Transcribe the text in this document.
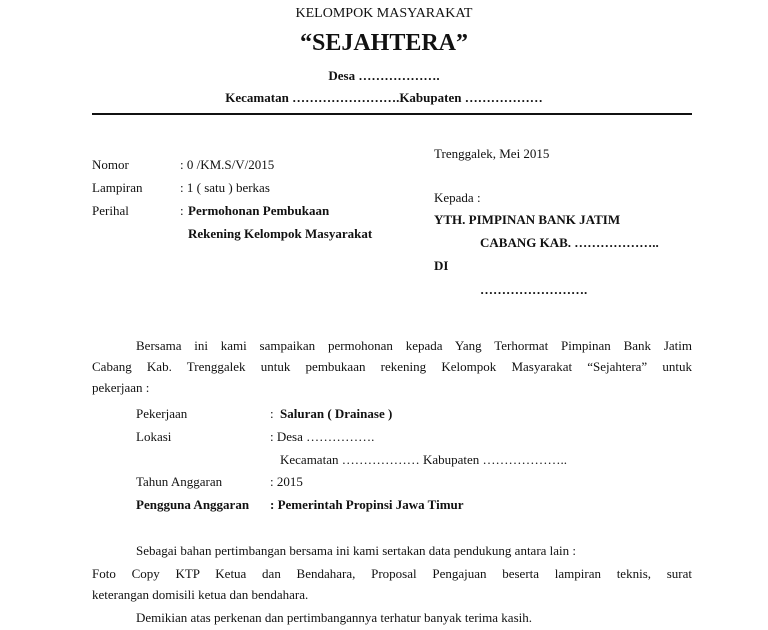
KELOMPOK MASYARAKAT
“SEJAHTERA”
Desa ……………….
Kecamatan …………………….Kabupaten ………………
Nomor	: 0 /KM.S/V/2015
Lampiran	: 1 ( satu ) berkas
Perihal	: Permohonan Pembukaan
Rekening Kelompok Masyarakat
Trenggalek, Mei 2015
Kepada :
YTH. PIMPINAN BANK JATIM
CABANG KAB. ………………..
DI
…………………….
Bersama ini kami sampaikan permohonan kepada Yang Terhormat Pimpinan Bank Jatim
Cabang Kab. Trenggalek untuk pembukaan rekening Kelompok Masyarakat “Sejahtera” untuk
pekerjaan :
Pekerjaan	: Saluran ( Drainase )
Lokasi	: Desa …………….
Kecamatan ……………… Kabupaten ………………..
Tahun Anggaran	: 2015
Pengguna Anggaran : Pemerintah Propinsi Jawa Timur
Sebagai bahan pertimbangan bersama ini kami sertakan data pendukung antara lain :
Foto Copy KTP Ketua dan Bendahara, Proposal Pengajuan beserta lampiran teknis, surat
keterangan domisili ketua dan bendahara.
Demikian atas perkenan dan pertimbangannya terhatur banyak terima kasih.
